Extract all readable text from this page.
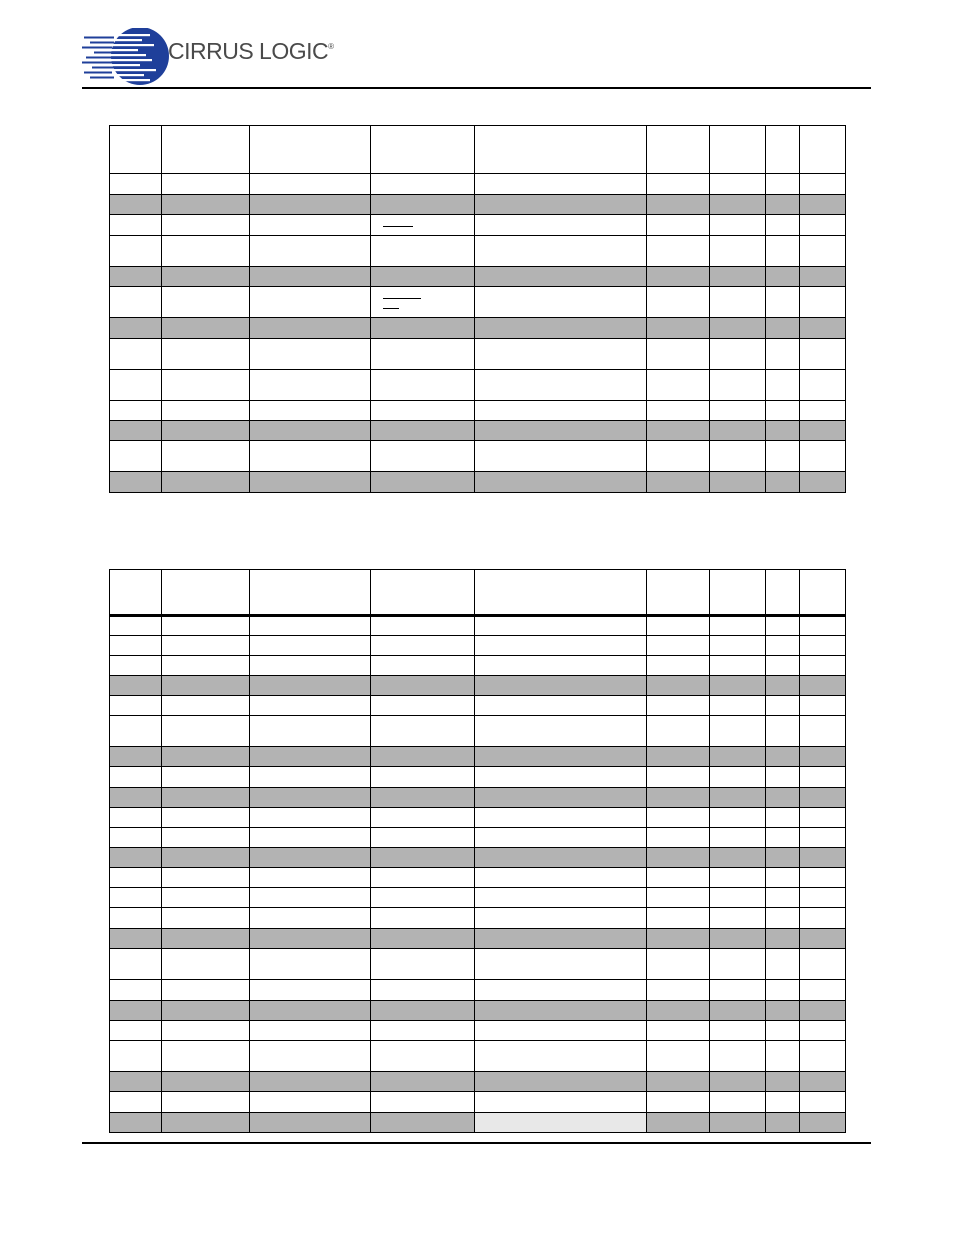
CIRRUS LOGIC®
